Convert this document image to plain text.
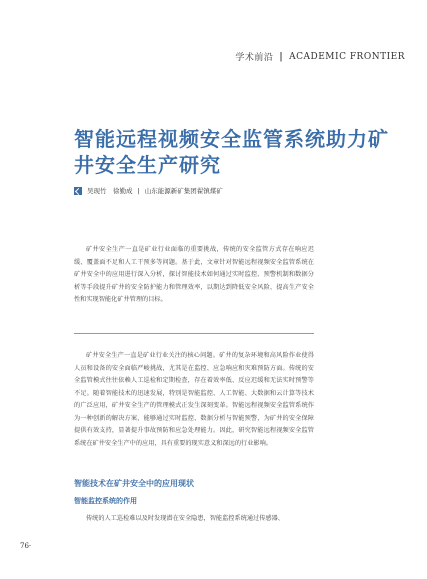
学术前沿 | ACADEMIC FRONTIER
智能远程视频安全监管系统助力矿井安全生产研究
吴现竹　徐勤成 | 山东能源新矿集团翟镇煤矿

矿井安全生产一直是矿业行业面临的重要挑战，传统的安全监管方式存在响应迟缓、覆盖面不足和人工干预多等问题。基于此，文章针对智能远程视频安全监管系统在矿井安全中的应用进行深入分析，探讨智能技术如何通过实时监控、预警机制和数据分析等手段提升矿井的安全防护能力和管理效率，以期达到降低安全风险、提高生产安全性和实现智能化矿井管理的目标。

矿井安全生产一直是矿业行业关注的核心问题。矿井的复杂环境和高风险作业使得人员和设备的安全面临严峻挑战，尤其是在监控、应急响应和灾难预防方面。传统的安全监管模式往往依赖人工巡检和定期检查，存在着效率低、反应迟缓和无法实时预警等不足。随着智能技术的迅速发展，特别是智能监控、人工智能、大数据和云计算等技术的广泛应用，矿井安全生产的管理模式正发生深刻变革。智能远程视频安全监管系统作为一种创新的解决方案，能够通过实时监控、数据分析与智能预警，为矿井的安全保障提供有效支持，显著提升事故预防和应急处理能力。因此，研究智能远程视频安全监管系统在矿井安全生产中的应用，具有重要的现实意义和深远的行业影响。

智能技术在矿井安全中的应用现状
智能监控系统的作用

传统的人工巡检难以及时发现潜在安全隐患，智能监控系统通过传感器、

76·
